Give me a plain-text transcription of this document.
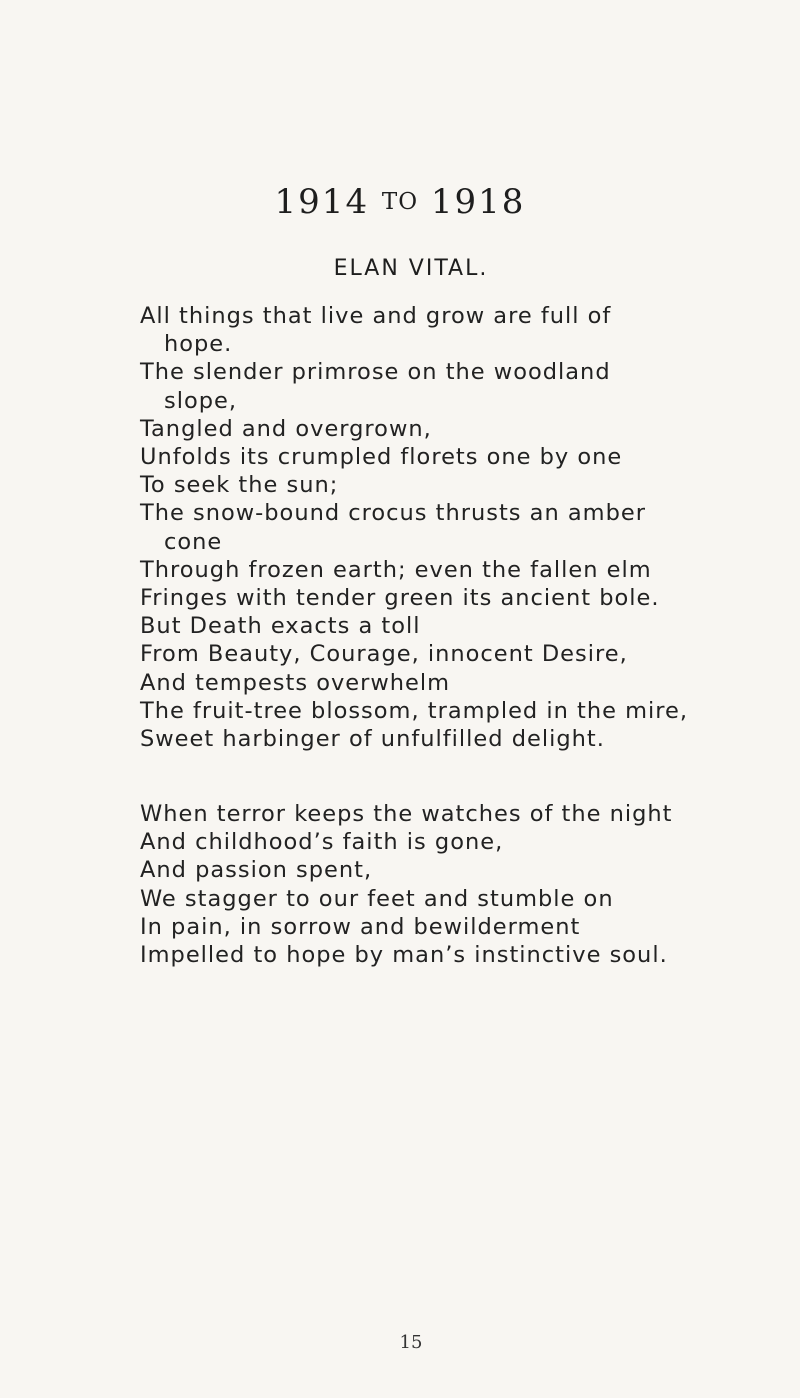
1914 TO 1918
ELAN VITAL.
All things that live and grow are full of
hope.
The slender primrose on the woodland
slope,
Tangled and overgrown,
Unfolds its crumpled florets one by one
To seek the sun;
The snow-bound crocus thrusts an amber
cone
Through frozen earth; even the fallen elm
Fringes with tender green its ancient bole.
But Death exacts a toll
From Beauty, Courage, innocent Desire,
And tempests overwhelm
The fruit-tree blossom, trampled in the mire,
Sweet harbinger of unfulfilled delight.
When terror keeps the watches of the night
And childhood’s faith is gone,
And passion spent,
We stagger to our feet and stumble on
In pain, in sorrow and bewilderment
Impelled to hope by man’s instinctive soul.
15
